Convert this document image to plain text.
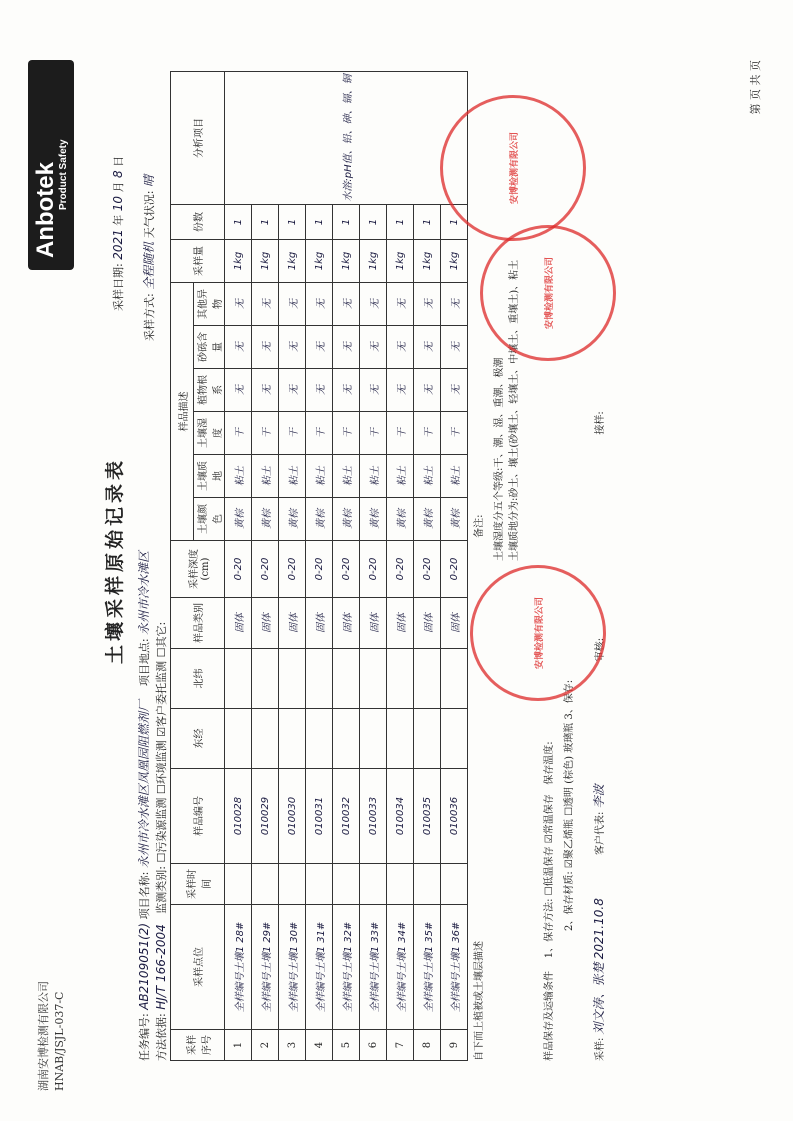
湖南安博检测有限公司 HNAB/JSJL-037-C
Anbotek Product Safety
土壤采样原始记录表
任务编号: AB2109051(2) 项目名称: 永州市冷水滩区凤凰园阻燃剂厂    项目地点: 永州市冷水滩区
采样日期: 2021 年 10 月 8 日
方法依据: HJ/T 166-2004   监测类别: ☐污染源监测 ☐环境监测 ☑客户委托监测 ☐其它:
采样方式: 全程随机 天气状况: 晴
采样序号	采样点位	采样时间	样品编号	东经	北纬	样品类别	采样深度(cm)	样品描述						采样量	份数	分析项目
								土壤颜色	土壤质地	土壤湿度	植物根系	砂砾含量	其他异物			
1	全样编号土壤1 28#		010028			固体	0-20	黄棕	粘土	干	无	无	无	1kg	1	水溶:pH值、铅、砷、镉、铜
2	全样编号土壤1 29#		010029			固体	0-20	黄棕	粘土	干	无	无	无	1kg	1	
3	全样编号土壤1 30#		010030			固体	0-20	黄棕	粘土	干	无	无	无	1kg	1	
4	全样编号土壤1 31#		010031			固体	0-20	黄棕	粘土	干	无	无	无	1kg	1	
5	全样编号土壤1 32#		010032			固体	0-20	黄棕	粘土	干	无	无	无	1kg	1	
6	全样编号土壤1 33#		010033			固体	0-20	黄棕	粘土	干	无	无	无	1kg	1	
7	全样编号土壤1 34#		010034			固体	0-20	黄棕	粘土	干	无	无	无	1kg	1	
8	全样编号土壤1 35#		010035			固体	0-20	黄棕	粘土	干	无	无	无	1kg	1	
9	全样编号土壤1 36#		010036			固体	0-20	黄棕	粘土	干	无	无	无	1kg	1	
自下而上植被或土壤层描述 备注: 土壤湿度分五个等级:干、潮、湿、重潮、极潮 土壤质地分为:砂土、壤土(砂壤土、轻壤土、中壤土、重壤土)、粘土
样品保存及运输条件    1、保存方法: ☐低温保存 ☑常温保存   保存温度:
2、保存材质: ☑聚乙烯瓶 ☐透明 (棕色) 玻璃瓶 3、保存:
采样: 刘文涛、张楚 2021.10.8 客户代表: 李波 审核: 接样:
第 页 共 页
安博检测有限公司
安博检测有限公司
安博检测有限公司
